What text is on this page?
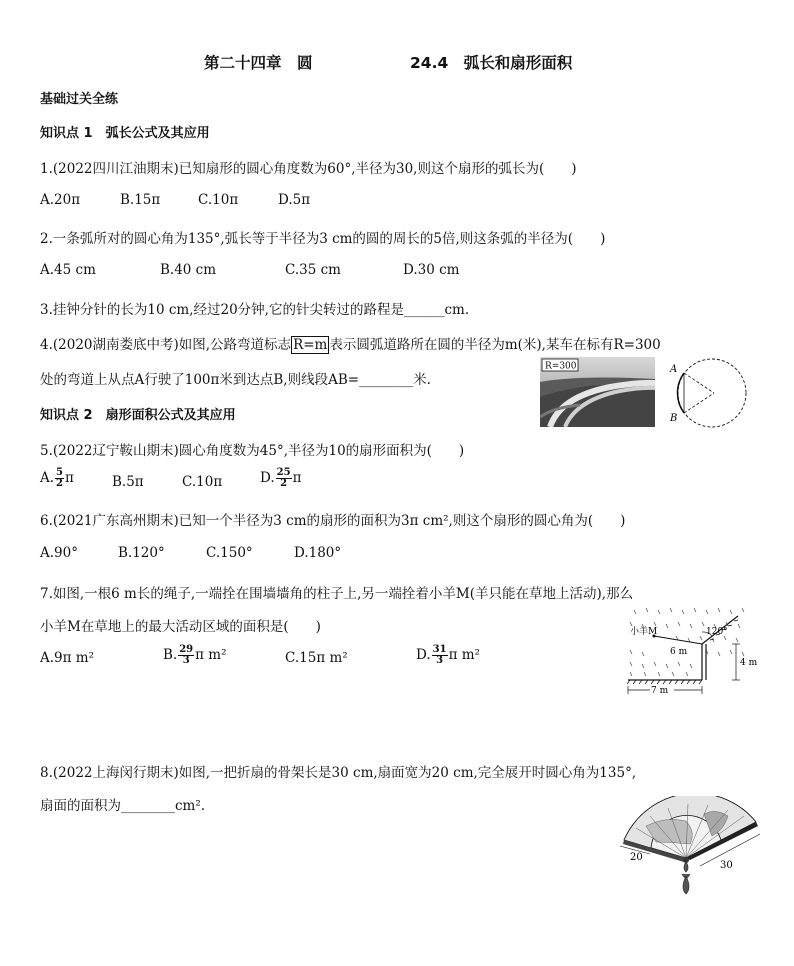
第二十四章　圆	24.4　弧长和扇形面积
基础过关全练
知识点 1　弧长公式及其应用
1.(2022四川江油期末)已知扇形的圆心角度数为60°,半径为30,则这个扇形的弧长为(　　)
A.20π	B.15π	C.10π	D.5π
2.一条弧所对的圆心角为135°,弧长等于半径为3 cm的圆的周长的5倍,则这条弧的半径为(　　)
A.45 cm	B.40 cm	C.35 cm	D.30 cm
3.挂钟分针的长为10 cm,经过20分钟,它的针尖转过的路程是______cm.
4.(2020湖南娄底中考)如图,公路弯道标志 R=m 表示圆弧道路所在圆的半径为m(米),某车在标有R=300
处的弯道上从点A行驶了100π米到达点B,则线段AB=________米.
R=300	A
B
知识点 2　扇形面积公式及其应用
5.(2022辽宁鞍山期末)圆心角度数为45°,半径为10的扇形面积为(　　)
A. $\frac{5}{2}$ π	B.5π	C.10π	D. $\frac{25}{2}$ π
6.(2021广东高州期末)已知一个半径为3 cm的扇形的面积为3π cm²,则这个扇形的圆心角为(　　)
A.90°	B.120°	C.150°	D.180°
7.如图,一根6 m长的绳子,一端拴在围墙墙角的柱子上,另一端拴着小羊M(羊只能在草地上活动),那么
小羊M在草地上的最大活动区域的面积是(　　)
A.9π m²	B. $\frac{29}{3}$ π m²	C.15π m²	D. $\frac{31}{3}$ π m²
小羊M
6 m
120°
4 m
7 m
8.(2022上海闵行期末)如图,一把折扇的骨架长是30 cm,扇面宽为20 cm,完全展开时圆心角为135°,
扇面的面积为________cm².
20
30
